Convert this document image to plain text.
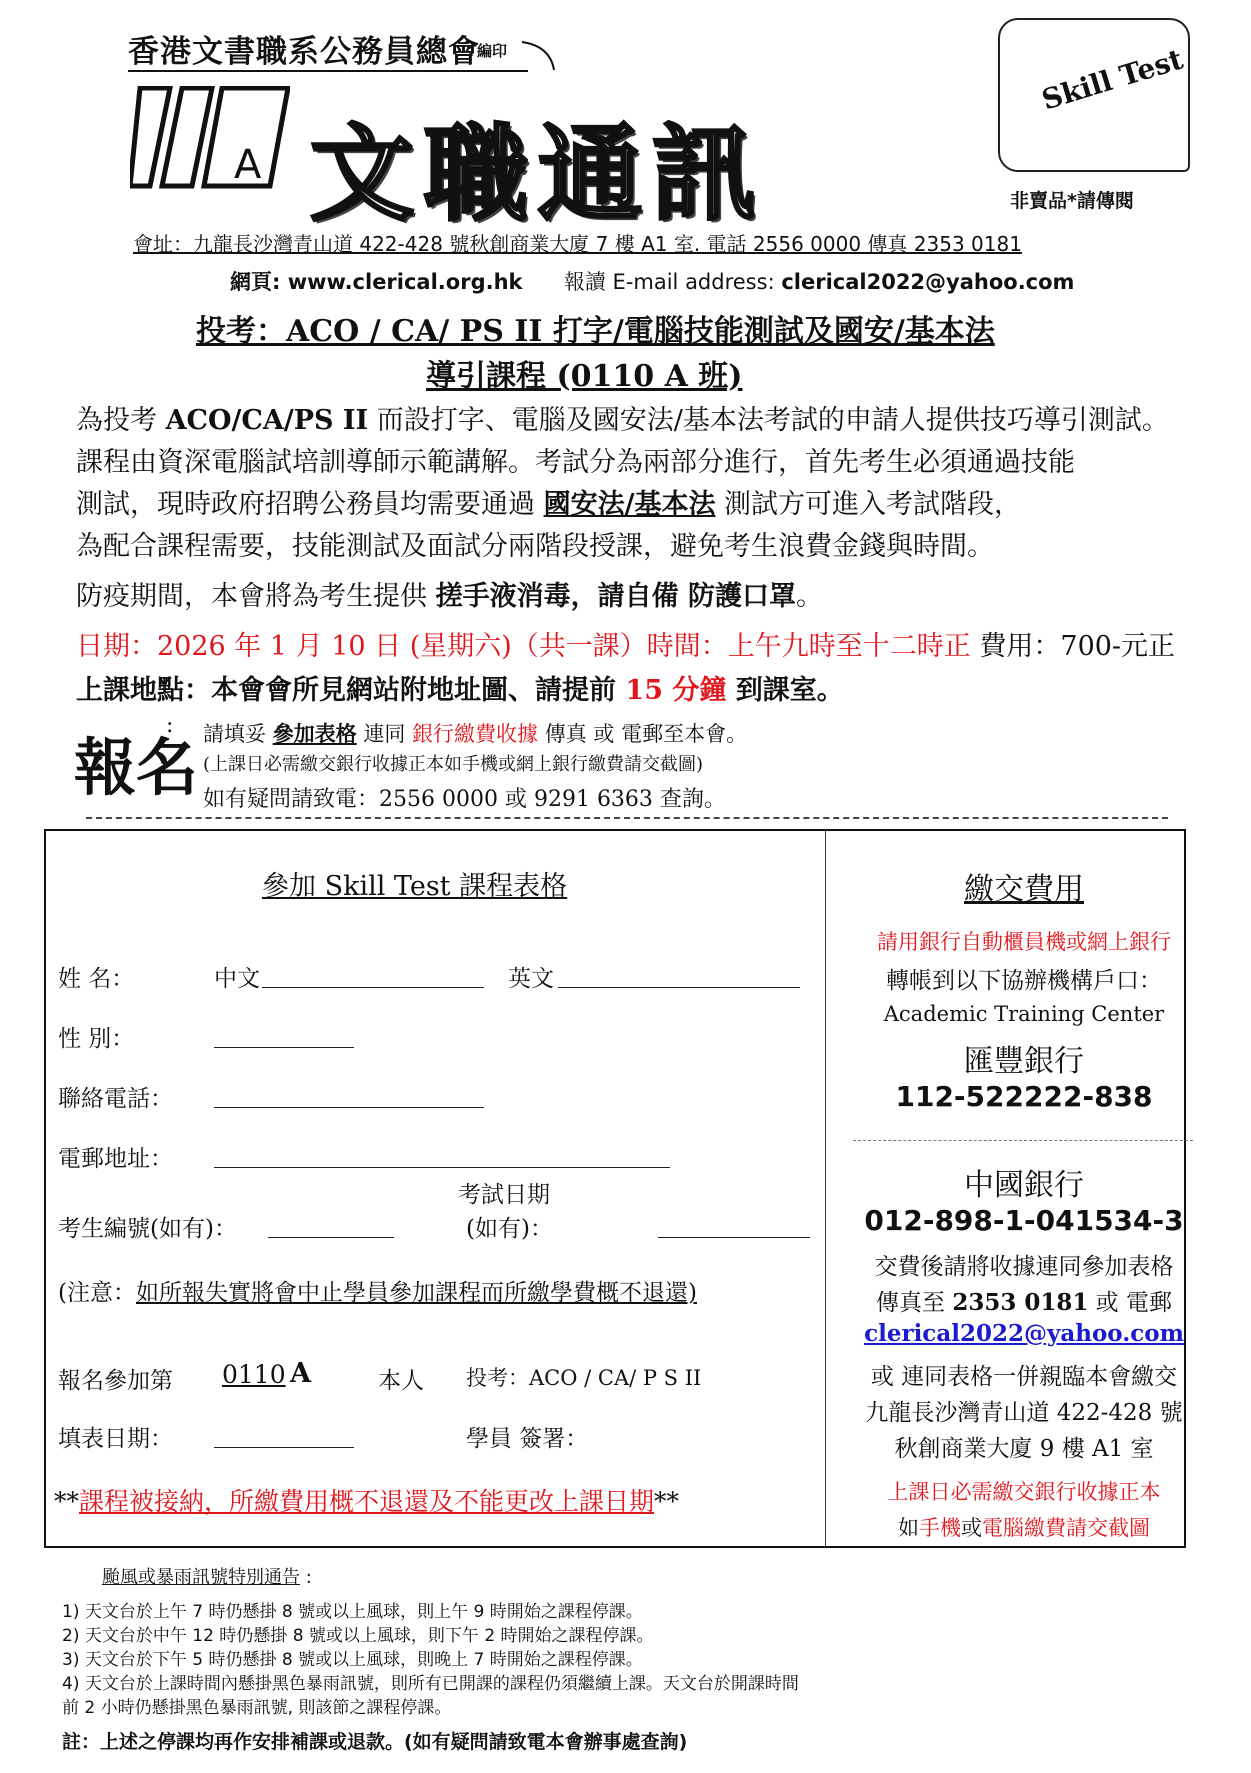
香港文書職系公務員總會
編印
A 文職通訊
Skill Test
非賣品*請傳閱
會址：九龍長沙灣青山道 422-428 號秋創商業大廈 7 樓 A1 室. 電話 2556 0000 傳真 2353 0181
網頁: www.clerical.org.hk 報讀 E-mail address: clerical2022@yahoo.com
投考：ACO / CA/ PS II 打字/電腦技能測試及國安/基本法
導引課程 (0110 A 班)
為投考 ACO/CA/PS II 而設打字、電腦及國安法/基本法考試的申請人提供技巧導引測試。
課程由資深電腦試培訓導師示範講解。考試分為兩部分進行，首先考生必須通過技能
測試，現時政府招聘公務員均需要通過 國安法/基本法 測試方可進入考試階段，
為配合課程需要，技能測試及面試分兩階段授課，避免考生浪費金錢與時間。
防疫期間，本會將為考生提供 搓手液消毒，請自備 防護口罩。
日期：2026 年 1 月 10 日 (星期六)（共一課）時間：上午九時至十二時正 費用：700-元正
上課地點：本會會所見網站附地址圖、請提前 15 分鐘 到課室。
報名
: 請填妥 參加表格 連同 銀行繳費收據 傳真 或 電郵至本會。
(上課日必需繳交銀行收據正本如手機或網上銀行繳費請交截圖)
如有疑問請致電：2556 0000 或 9291 6363 查詢。
參加 Skill Test 課程表格
姓 名：	中文	英文
性 別：
聯絡電話：
電郵地址：
考試日期
考生編號(如有)：	(如有)：
(注意：如所報失實將會中止學員參加課程而所繳學費概不退還)
報名參加第 0110 A	本人 投考：ACO / CA/ P S II
填表日期：	學員 簽署：
**課程被接納，所繳費用概不退還及不能更改上課日期**
繳交費用
請用銀行自動櫃員機或網上銀行
轉帳到以下協辦機構戶口：
Academic Training Center
匯豐銀行
112-522222-838
中國銀行
012-898-1-041534-3
交費後請將收據連同參加表格
傳真至 2353 0181 或 電郵
clerical2022@yahoo.com
或 連同表格一併親臨本會繳交
九龍長沙灣青山道 422-428 號
秋創商業大廈 9 樓 A1 室
上課日必需繳交銀行收據正本
如手機或電腦繳費請交截圖
颱風或暴雨訊號特別通告 :
1) 天文台於上午 7 時仍懸掛 8 號或以上風球，則上午 9 時開始之課程停課。
2) 天文台於中午 12 時仍懸掛 8 號或以上風球，則下午 2 時開始之課程停課。
3) 天文台於下午 5 時仍懸掛 8 號或以上風球，則晚上 7 時開始之課程停課。
4) 天文台於上課時間內懸掛黑色暴雨訊號，則所有已開課的課程仍須繼續上課。天文台於開課時間
前 2 小時仍懸掛黑色暴雨訊號, 則該節之課程停課。
註：上述之停課均再作安排補課或退款。(如有疑問請致電本會辦事處查詢)
